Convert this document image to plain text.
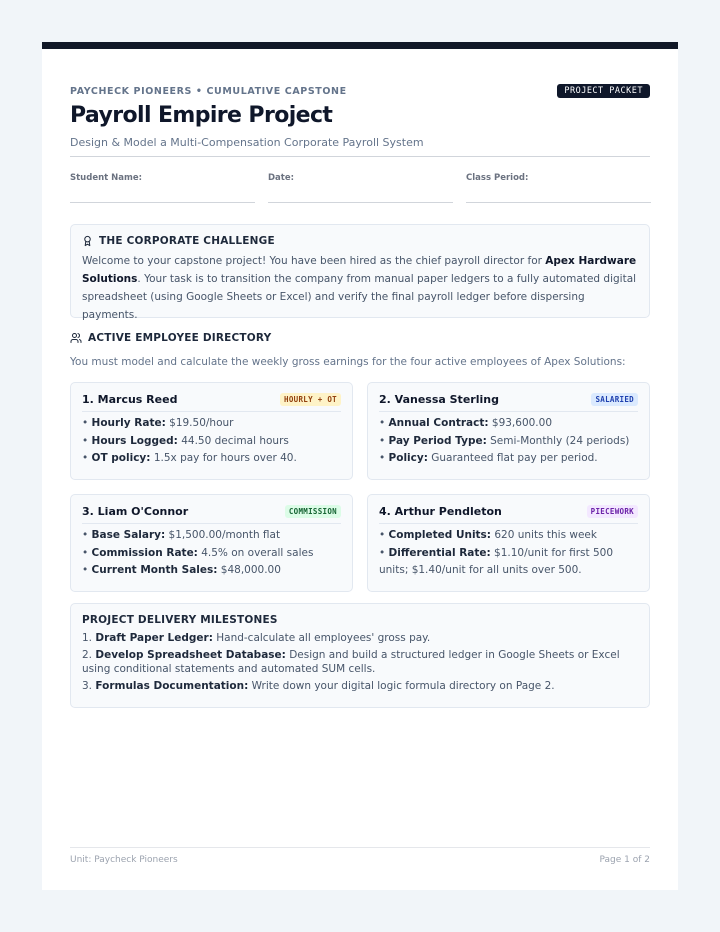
PAYCHECK PIONEERS • CUMULATIVE CAPSTONE	PROJECT PACKET
Payroll Empire Project
Design & Model a Multi-Compensation Corporate Payroll System
Student Name:	Date:	Class Period:
THE CORPORATE CHALLENGE
Welcome to your capstone project! You have been hired as the chief payroll director for Apex Hardware Solutions. Your task is to transition the company from manual paper ledgers to a fully automated digital spreadsheet (using Google Sheets or Excel) and verify the final payroll ledger before dispersing payments.
ACTIVE EMPLOYEE DIRECTORY
You must model and calculate the weekly gross earnings for the four active employees of Apex Solutions:
1. Marcus Reed	HOURLY + OT
• Hourly Rate: $19.50/hour
• Hours Logged: 44.50 decimal hours
• OT policy: 1.5x pay for hours over 40.
2. Vanessa Sterling	SALARIED
• Annual Contract: $93,600.00
• Pay Period Type: Semi-Monthly (24 periods)
• Policy: Guaranteed flat pay per period.
3. Liam O'Connor	COMMISSION
• Base Salary: $1,500.00/month flat
• Commission Rate: 4.5% on overall sales
• Current Month Sales: $48,000.00
4. Arthur Pendleton	PIECEWORK
• Completed Units: 620 units this week
• Differential Rate: $1.10/unit for first 500 units; $1.40/unit for all units over 500.
PROJECT DELIVERY MILESTONES
1. Draft Paper Ledger: Hand-calculate all employees' gross pay.
2. Develop Spreadsheet Database: Design and build a structured ledger in Google Sheets or Excel using conditional statements and automated SUM cells.
3. Formulas Documentation: Write down your digital logic formula directory on Page 2.
Unit: Paycheck Pioneers	Page 1 of 2
